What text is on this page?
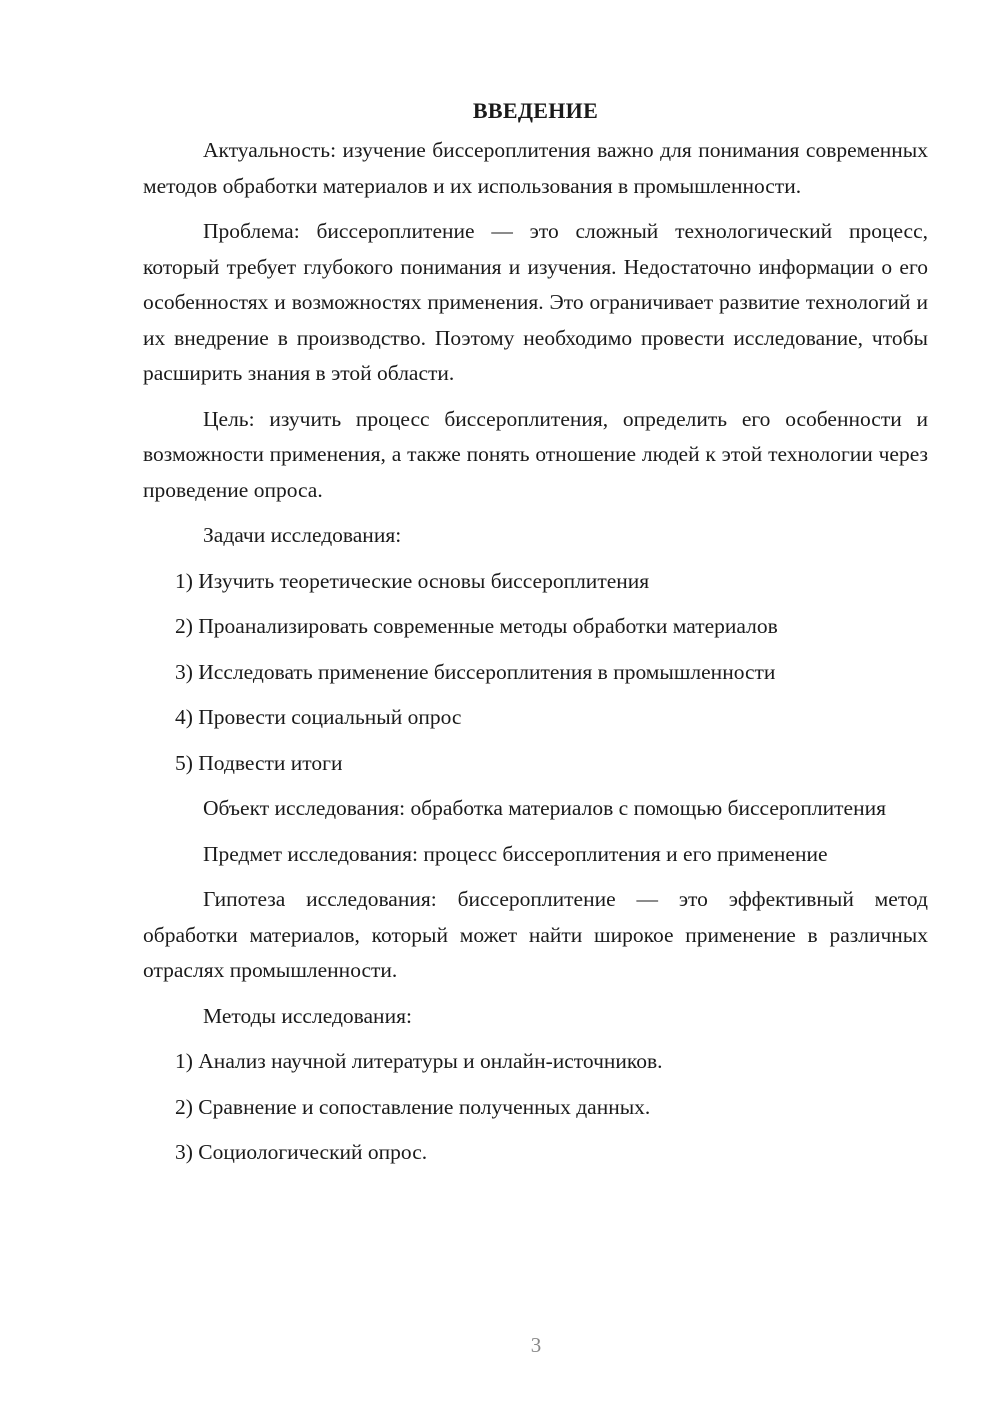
ВВЕДЕНИЕ

Актуальность: изучение биссероплитения важно для понимания современных методов обработки материалов и их использования в промышленности.

Проблема: биссероплитение — это сложный технологический процесс, который требует глубокого понимания и изучения. Недостаточно информации о его особенностях и возможностях применения. Это ограничивает развитие технологий и их внедрение в производство. Поэтому необходимо провести исследование, чтобы расширить знания в этой области.

Цель: изучить процесс биссероплитения, определить его особенности и возможности применения, а также понять отношение людей к этой технологии через проведение опроса.

Задачи исследования:

1) Изучить теоретические основы биссероплитения
2) Проанализировать современные методы обработки материалов
3) Исследовать применение биссероплитения в промышленности
4) Провести социальный опрос
5) Подвести итоги

Объект исследования: обработка материалов с помощью биссероплитения

Предмет исследования: процесс биссероплитения и его применение

Гипотеза исследования: биссероплитение — это эффективный метод обработки материалов, который может найти широкое применение в различных отраслях промышленности.

Методы исследования:

1) Анализ научной литературы и онлайн-источников.
2) Сравнение и сопоставление полученных данных.
3) Социологический опрос.
3
